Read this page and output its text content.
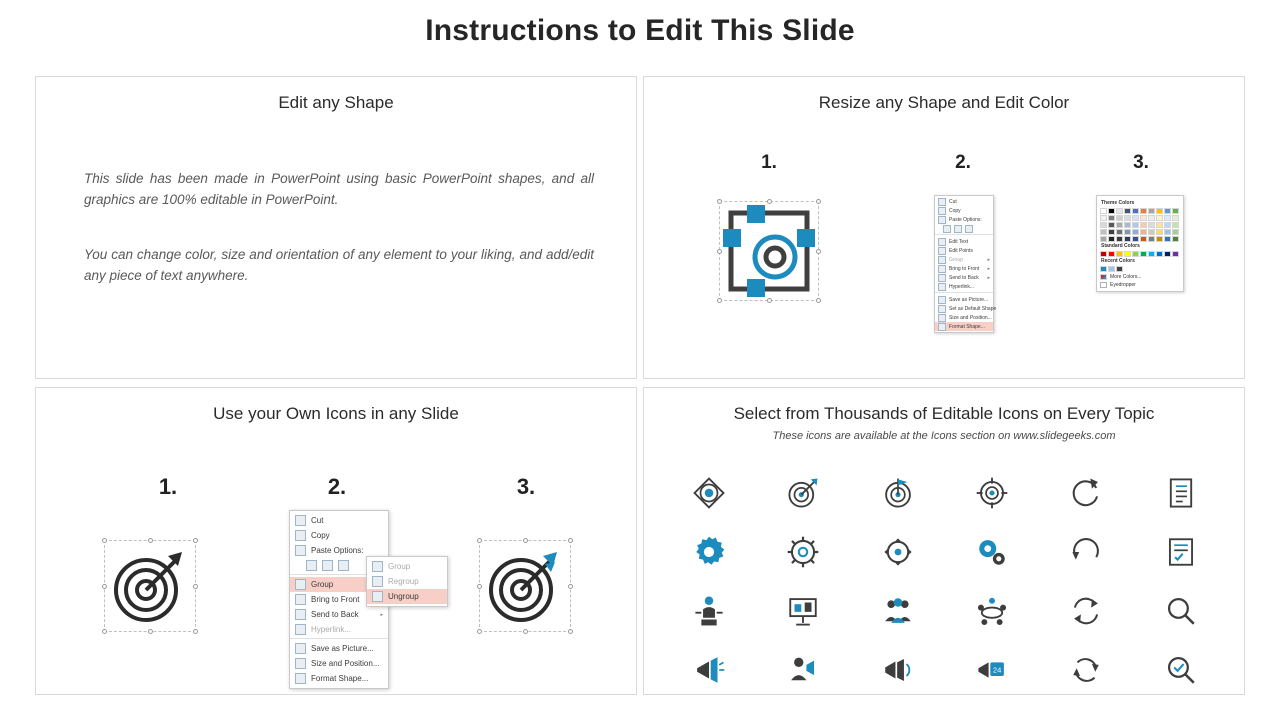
Instructions to Edit This Slide
Edit any Shape
This slide has been made in PowerPoint using basic PowerPoint shapes, and all graphics are 100% editable in PowerPoint.
You can change color, size and orientation of any element to your liking, and add/edit any piece of text anywhere.
Resize any Shape and Edit Color
1.	2.	3.
Cut
Copy
Paste Options:
Edit Text
Edit Points
Group	▸
Bring to Front ▸
Send to Back ▸
Hyperlink...
Save as Picture...
Set as Default Shape
Size and Position...
Format Shape...
Theme Colors
Standard Colors
Recent Colors
More Colors...
Eyedropper
Use your Own Icons in any Slide
1.	2.	3.
Cut
Copy
Paste Options:
Group
Bring to Front
Send to Back	▸
Hyperlink...
Save as Picture...
Size and Position...
Format Shape...
Group
Regroup
Ungroup
Select from Thousands of Editable Icons on Every Topic
These icons are available at the Icons section on www.slidegeeks.com
24
